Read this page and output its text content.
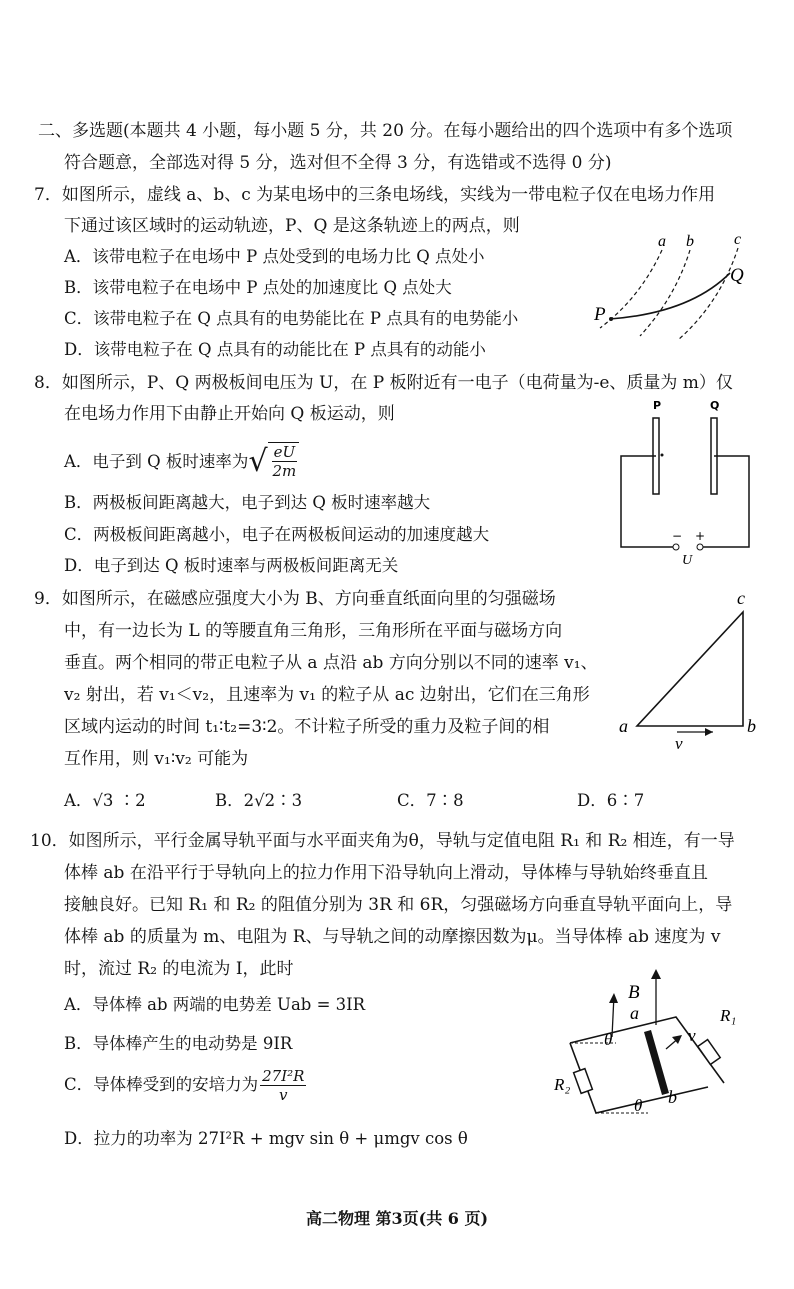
二、多选题(本题共 4 小题，每小题 5 分，共 20 分。在每小题给出的四个选项中有多个选项
符合题意，全部选对得 5 分，选对但不全得 3 分，有选错或不选得 0 分)
7．如图所示，虚线 a、b、c 为某电场中的三条电场线，实线为一带电粒子仅在电场力作用
下通过该区域时的运动轨迹，P、Q 是这条轨迹上的两点，则
A．该带电粒子在电场中 P 点处受到的电场力比 Q 点处小
B．该带电粒子在电场中 P 点处的加速度比 Q 点处大
C．该带电粒子在 Q 点具有的电势能比在 P 点具有的电势能小
D．该带电粒子在 Q 点具有的动能比在 P 点具有的动能小
a b	c
Q
P
8．如图所示，P、Q 两极板间电压为 U，在 P 板附近有一电子（电荷量为-e、质量为 m）仅
在电场力作用下由静止开始向 Q 板运动，则
A．电子到 Q 板时速率为 √ $\frac{eU}{2m}$
B．两极板间距离越大，电子到达 Q 板时速率越大
C．两极板间距离越小，电子在两极板间运动的加速度越大
D．电子到达 Q 板时速率与两极板间距离无关
P	Q
− +
U
9．如图所示，在磁感应强度大小为 B、方向垂直纸面向里的匀强磁场
中，有一边长为 L 的等腰直角三角形，三角形所在平面与磁场方向
垂直。两个相同的带正电粒子从 a 点沿 ab 方向分别以不同的速率 v₁、
v₂ 射出，若 v₁＜v₂，且速率为 v₁ 的粒子从 ac 边射出，它们在三角形
区域内运动的时间 t₁∶t₂=3∶2。不计粒子所受的重力及粒子间的相
互作用，则 v₁∶v₂ 可能为
A．√3 ∶2	B．2√2∶3	C．7∶8	D．6∶7
a	b
c
v
10．如图所示，平行金属导轨平面与水平面夹角为θ，导轨与定值电阻 R₁ 和 R₂ 相连，有一导
体棒 ab 在沿平行于导轨向上的拉力作用下沿导轨向上滑动，导体棒与导轨始终垂直且
接触良好。已知 R₁ 和 R₂ 的阻值分别为 3R 和 6R，匀强磁场方向垂直导轨平面向上，导
体棒 ab 的质量为 m、电阻为 R、与导轨之间的动摩擦因数为μ。当导体棒 ab 速度为 v
时，流过 R₂ 的电流为 I，此时
A．导体棒 ab 两端的电势差 Uab = 3IR
B．导体棒产生的电动势是 9IR
C．导体棒受到的安培力为 $\frac{\text{27I²R}}{v}$
D．拉力的功率为 27I²R + mgv sin θ + μmgv cos θ
B
a
b
v
R₁
R₂
θ
θ
高二物理 第3页(共 6 页)
